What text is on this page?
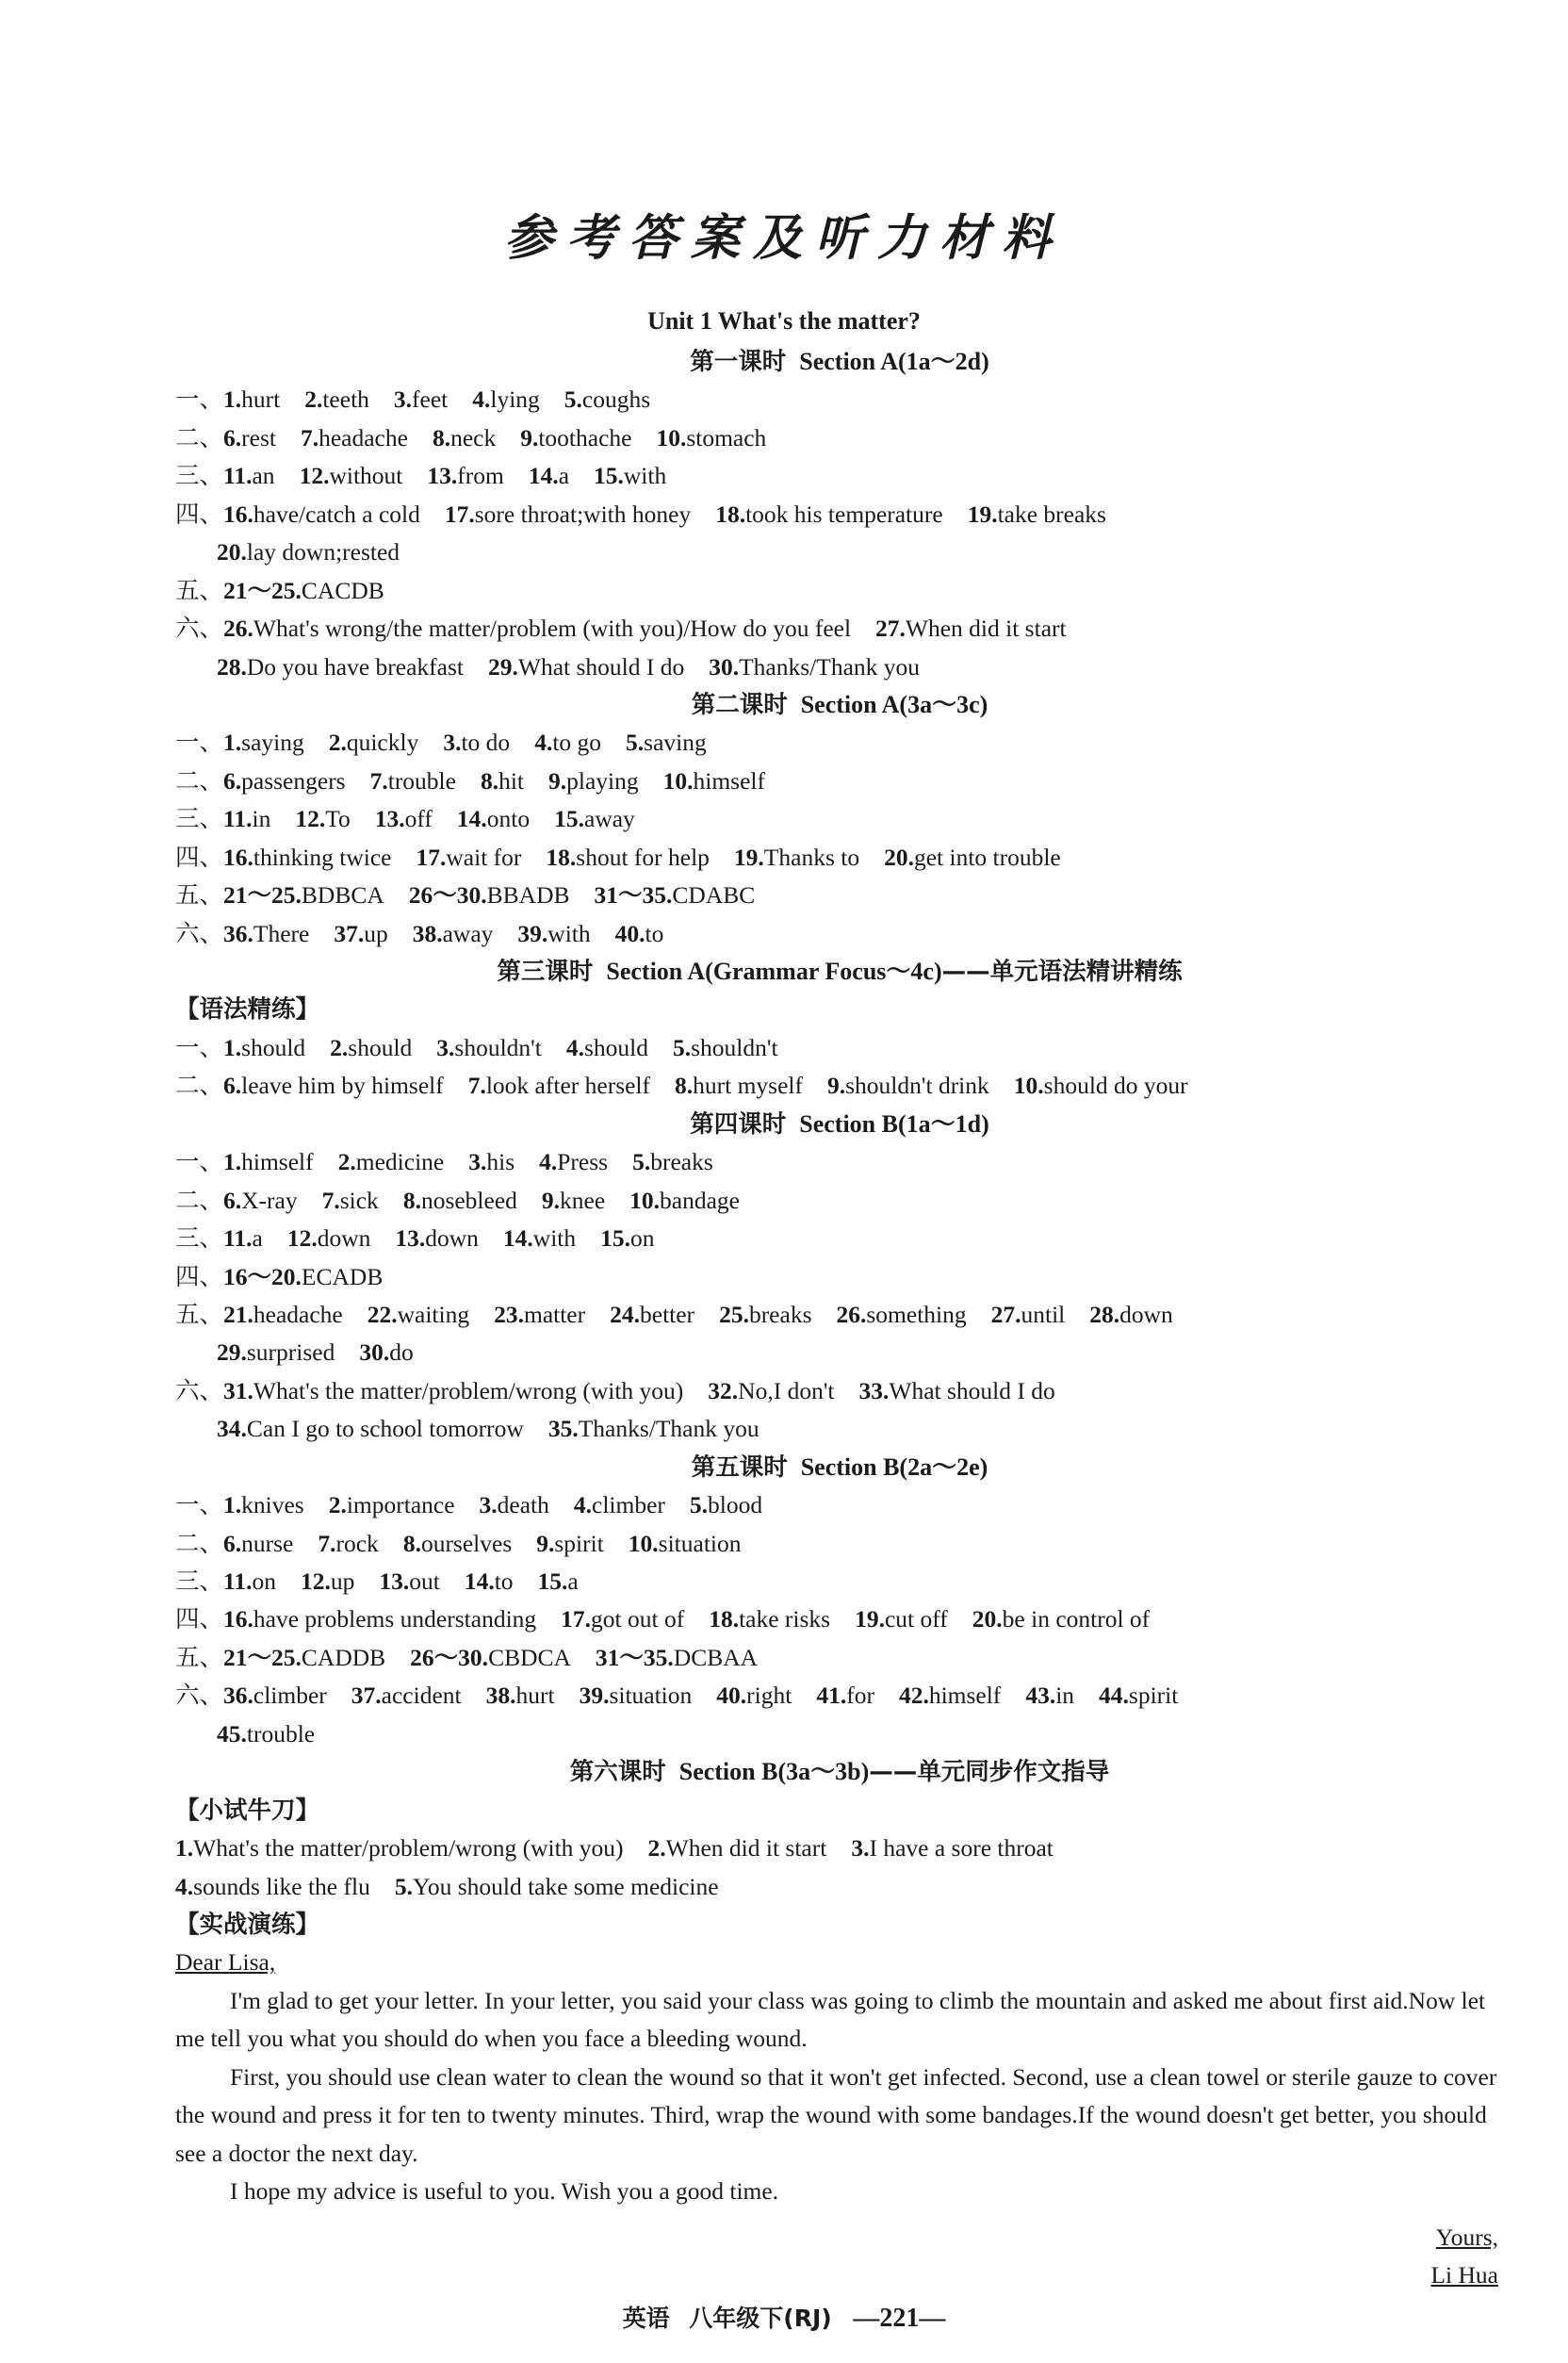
参考答案及听力材料
Unit 1 What's the matter?
第一课时 Section A(1a～2d)
一、1.hurt 2.teeth 3.feet 4.lying 5.coughs
二、6.rest 7.headache 8.neck 9.toothache 10.stomach
三、11.an 12.without 13.from 14.a 15.with
四、16.have/catch a cold 17.sore throat;with honey 18.took his temperature 19.take breaks
20.lay down;rested
五、21～25.CACDB
六、26.What's wrong/the matter/problem (with you)/How do you feel 27.When did it start
28.Do you have breakfast 29.What should I do 30.Thanks/Thank you
第二课时 Section A(3a～3c)
一、1.saying 2.quickly 3.to do 4.to go 5.saving
二、6.passengers 7.trouble 8.hit 9.playing 10.himself
三、11.in 12.To 13.off 14.onto 15.away
四、16.thinking twice 17.wait for 18.shout for help 19.Thanks to 20.get into trouble
五、21～25.BDBCA 26～30.BBADB 31～35.CDABC
六、36.There 37.up 38.away 39.with 40.to
第三课时 Section A(Grammar Focus～4c)——单元语法精讲精练
【语法精练】
一、1.should 2.should 3.shouldn't 4.should 5.shouldn't
二、6.leave him by himself 7.look after herself 8.hurt myself 9.shouldn't drink 10.should do your
第四课时 Section B(1a～1d)
一、1.himself 2.medicine 3.his 4.Press 5.breaks
二、6.X-ray 7.sick 8.nosebleed 9.knee 10.bandage
三、11.a 12.down 13.down 14.with 15.on
四、16～20.ECADB
五、21.headache 22.waiting 23.matter 24.better 25.breaks 26.something 27.until 28.down
29.surprised 30.do
六、31.What's the matter/problem/wrong (with you) 32.No,I don't 33.What should I do
34.Can I go to school tomorrow 35.Thanks/Thank you
第五课时 Section B(2a～2e)
一、1.knives 2.importance 3.death 4.climber 5.blood
二、6.nurse 7.rock 8.ourselves 9.spirit 10.situation
三、11.on 12.up 13.out 14.to 15.a
四、16.have problems understanding 17.got out of 18.take risks 19.cut off 20.be in control of
五、21～25.CADDB 26～30.CBDCA 31～35.DCBAA
六、36.climber 37.accident 38.hurt 39.situation 40.right 41.for 42.himself 43.in 44.spirit
45.trouble
第六课时 Section B(3a～3b)——单元同步作文指导
【小试牛刀】
1.What's the matter/problem/wrong (with you) 2.When did it start 3.I have a sore throat
4.sounds like the flu 5.You should take some medicine
【实战演练】
Dear Lisa,
I'm glad to get your letter. In your letter, you said your class was going to climb the mountain and asked me about first aid.Now let me tell you what you should do when you face a bleeding wound.
First, you should use clean water to clean the wound so that it won't get infected. Second, use a clean towel or sterile gauze to cover the wound and press it for ten to twenty minutes. Third, wrap the wound with some bandages.If the wound doesn't get better, you should see a doctor the next day.
I hope my advice is useful to you. Wish you a good time.
Yours,
Li Hua
英语 八年级下(RJ) —221—
